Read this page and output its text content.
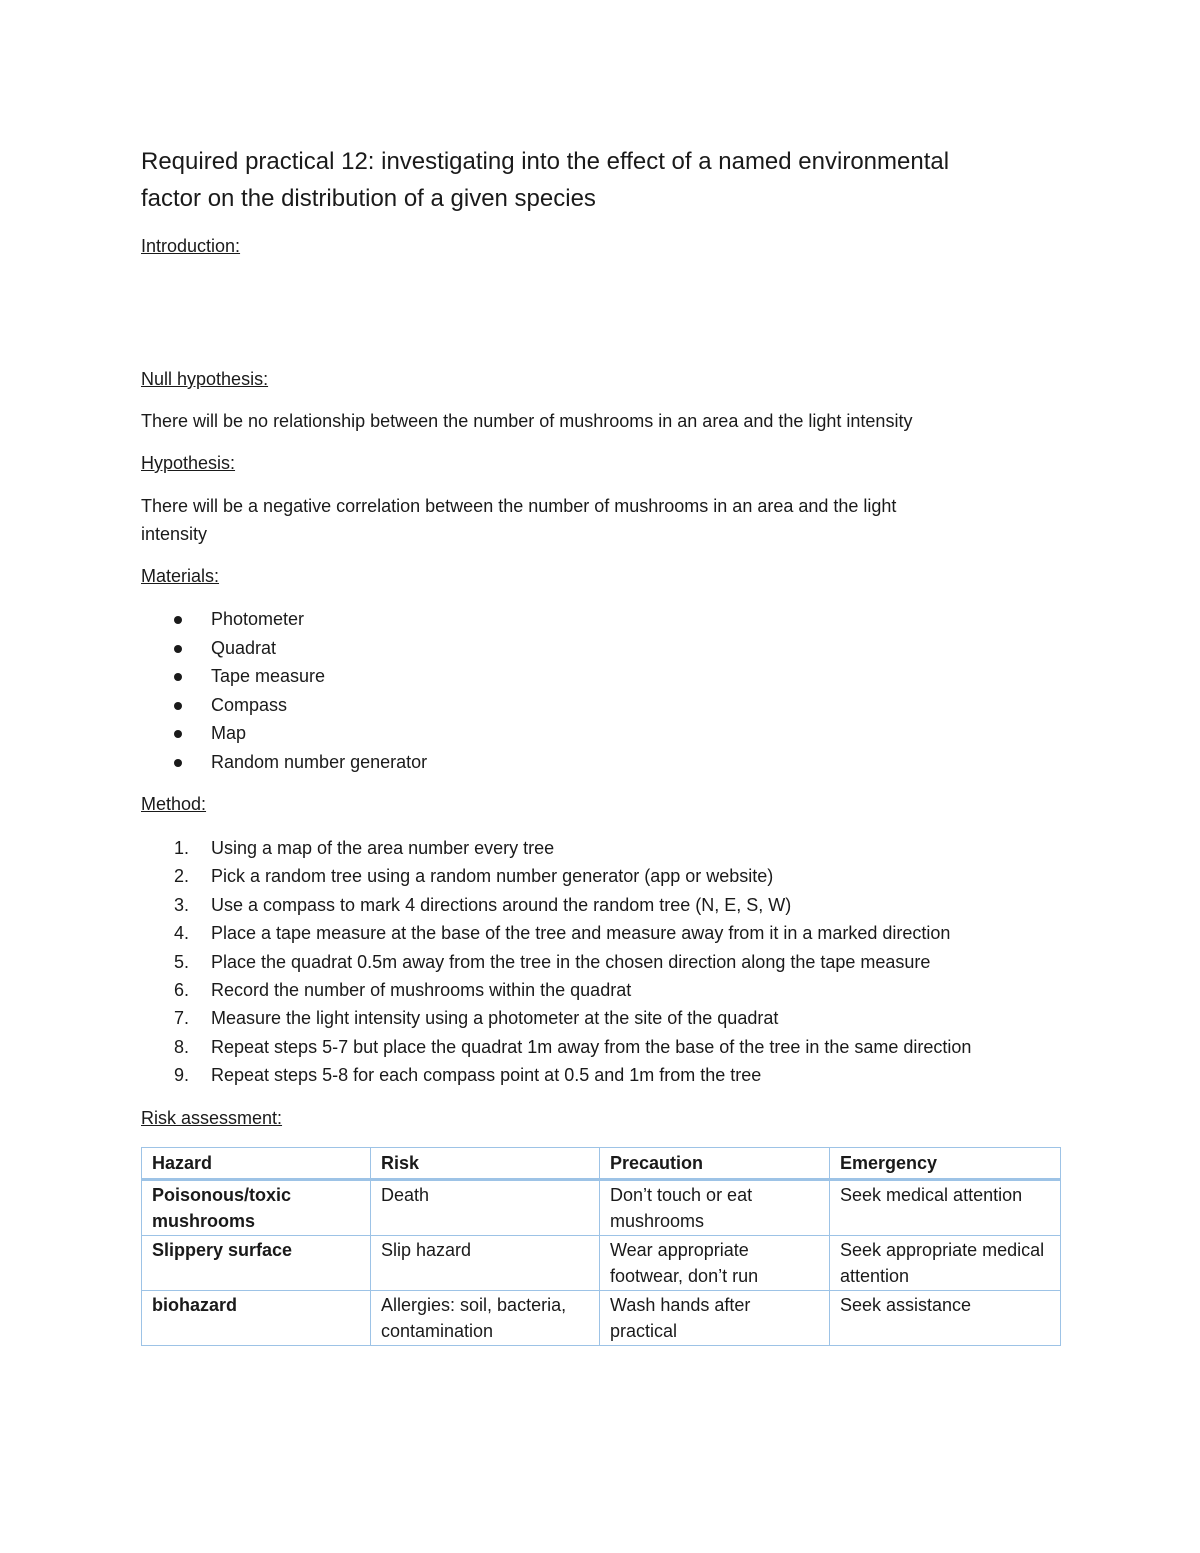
Required practical 12: investigating into the effect of a named environmental
factor on the distribution of a given species

Introduction:

Null hypothesis:

There will be no relationship between the number of mushrooms in an area and the light intensity

Hypothesis:

There will be a negative correlation between the number of mushrooms in an area and the light
intensity

Materials:

Photometer
Quadrat
Tape measure
Compass
Map
Random number generator

Method:

1. Using a map of the area number every tree
2. Pick a random tree using a random number generator (app or website)
3. Use a compass to mark 4 directions around the random tree (N, E, S, W)
4. Place a tape measure at the base of the tree and measure away from it in a marked direction
5. Place the quadrat 0.5m away from the tree in the chosen direction along the tape measure
6. Record the number of mushrooms within the quadrat
7. Measure the light intensity using a photometer at the site of the quadrat
8. Repeat steps 5-7 but place the quadrat 1m away from the base of the tree in the same direction
9. Repeat steps 5-8 for each compass point at 0.5 and 1m from the tree

Risk assessment:

Hazard	Risk	Precaution	Emergency
Poisonous/toxic mushrooms	Death	Don’t touch or eat mushrooms	Seek medical attention
Slippery surface	Slip hazard	Wear appropriate footwear, don’t run	Seek appropriate medical attention
biohazard	Allergies: soil, bacteria, contamination	Wash hands after practical	Seek assistance
